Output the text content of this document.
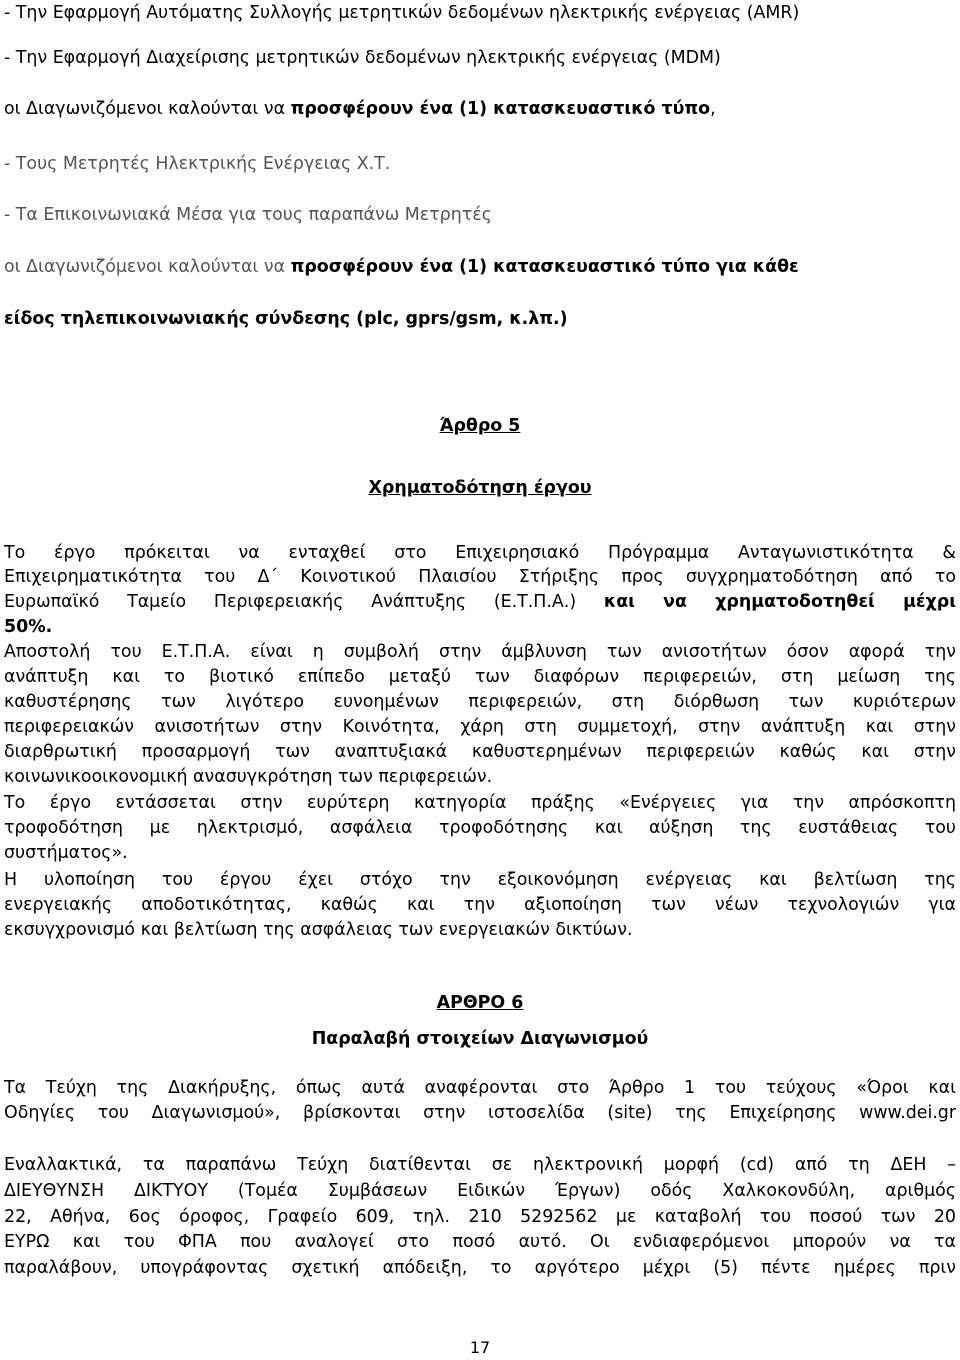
- Την Εφαρμογή Αυτόματης Συλλογής μετρητικών δεδομένων ηλεκτρικής ενέργειας (AMR)
- Την Εφαρμογή Διαχείρισης μετρητικών δεδομένων ηλεκτρικής ενέργειας (MDM)
οι Διαγωνιζόμενοι καλούνται να προσφέρουν ένα (1) κατασκευαστικό τύπο,
- Τους Μετρητές Ηλεκτρικής Ενέργειας Χ.Τ.
- Τα Επικοινωνιακά Μέσα για τους παραπάνω Μετρητές
οι Διαγωνιζόμενοι καλούνται να προσφέρουν ένα (1) κατασκευαστικό τύπο για κάθε
είδος τηλεπικοινωνιακής σύνδεσης (plc, gprs/gsm, κ.λπ.)
Άρθρο 5
Χρηματοδότηση έργου
Το έργο πρόκειται να ενταχθεί στο Επιχειρησιακό Πρόγραμμα Ανταγωνιστικότητα &
Επιχειρηματικότητα του Δ΄ Κοινοτικού Πλαισίου Στήριξης προς συγχρηματοδότηση από το
Ευρωπαϊκό Ταμείο Περιφερειακής Ανάπτυξης (Ε.Τ.Π.Α.) και να χρηματοδοτηθεί μέχρι
50%.
Αποστολή του Ε.Τ.Π.Α. είναι η συμβολή στην άμβλυνση των ανισοτήτων όσον αφορά την
ανάπτυξη και το βιοτικό επίπεδο μεταξύ των διαφόρων περιφερειών, στη μείωση της
καθυστέρησης των λιγότερο ευνοημένων περιφερειών, στη διόρθωση των κυριότερων
περιφερειακών ανισοτήτων στην Κοινότητα, χάρη στη συμμετοχή, στην ανάπτυξη και στην
διαρθρωτική προσαρμογή των αναπτυξιακά καθυστερημένων περιφερειών καθώς και στην
κοινωνικοοικονομική ανασυγκρότηση των περιφερειών.
Το έργο εντάσσεται στην ευρύτερη κατηγορία πράξης «Ενέργειες για την απρόσκοπτη
τροφοδότηση με ηλεκτρισμό, ασφάλεια τροφοδότησης και αύξηση της ευστάθειας του
συστήματος».
Η υλοποίηση του έργου έχει στόχο την εξοικονόμηση ενέργειας και βελτίωση της
ενεργειακής αποδοτικότητας, καθώς και την αξιοποίηση των νέων τεχνολογιών για
εκσυγχρονισμό και βελτίωση της ασφάλειας των ενεργειακών δικτύων.
ΑΡΘΡΟ 6
Παραλαβή στοιχείων Διαγωνισμού
Τα Τεύχη της Διακήρυξης, όπως αυτά αναφέρονται στο Άρθρο 1 του τεύχους «Όροι και
Οδηγίες του Διαγωνισμού», βρίσκονται στην ιστοσελίδα (site) της Επιχείρησης www.dei.gr
Εναλλακτικά, τα παραπάνω Τεύχη διατίθενται σε ηλεκτρονική μορφή (cd) από τη ΔΕΗ –
ΔΙΕΥΘΥΝΣΗ ΔΙΚΤΥΟΥ (Τομέα Συμβάσεων Ειδικών Έργων) οδός Χαλκοκονδύλη, αριθμός
22, Αθήνα, 6ος όροφος, Γραφείο 609, τηλ. 210 5292562 με καταβολή του ποσού των 20
ΕΥΡΩ και του ΦΠΑ που αναλογεί στο ποσό αυτό. Οι ενδιαφερόμενοι μπορούν να τα
παραλάβουν, υπογράφοντας σχετική απόδειξη, το αργότερο μέχρι (5) πέντε ημέρες πριν
17
